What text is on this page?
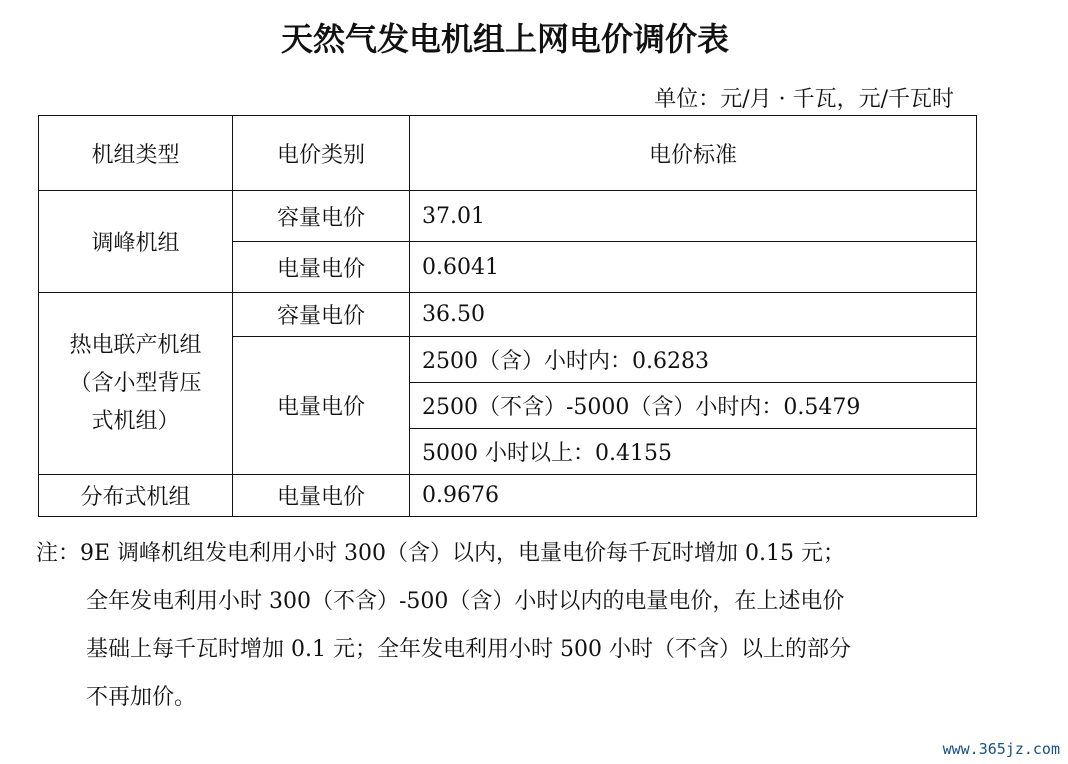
天然气发电机组上网电价调价表
单位：元/月 · 千瓦，元/千瓦时
机组类型	电价类别	电价标准
调峰机组	容量电价	37.01
	电量电价	0.6041

热电联产机组
（含小型背压
式机组）	容量电价	36.50
	电量电价	2500（含）小时内：0.6283
		2500（不含）-5000（含）小时内：0.5479
		5000 小时以上：0.4155
分布式机组	电量电价	0.9676
注：9E 调峰机组发电利用小时 300（含）以内，电量电价每千瓦时增加 0.15 元；
全年发电利用小时 300（不含）-500（含）小时以内的电量电价，在上述电价
基础上每千瓦时增加 0.1 元；全年发电利用小时 500 小时（不含）以上的部分
不再加价。
www.365jz.com
